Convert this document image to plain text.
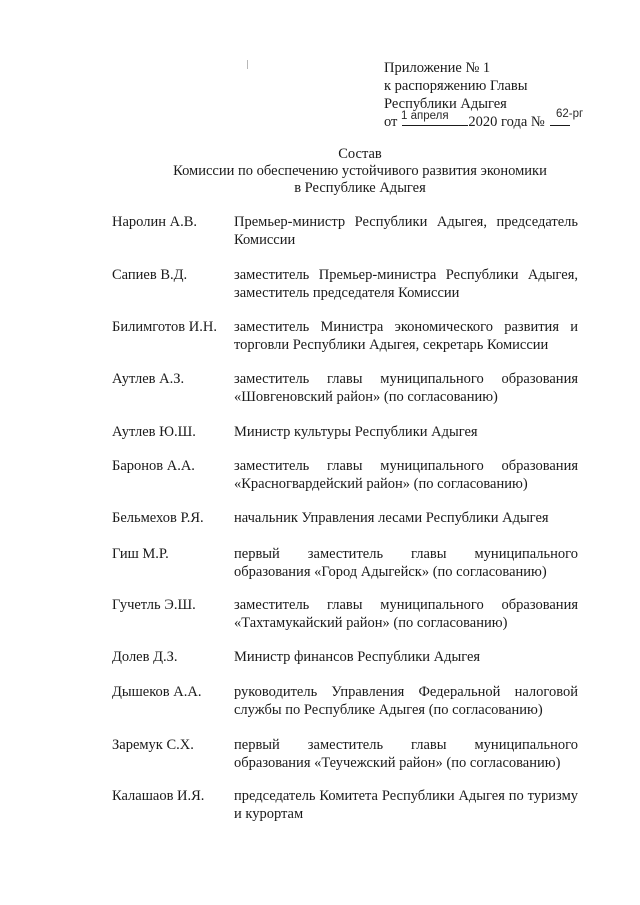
Приложение № 1
к распоряжению Главы
Республики Адыгея
от	2020 года №
1 апреля	62-рг
Состав
Комиссии по обеспечению устойчивого развития экономики
в Республике Адыгея
Наролин А.В.	Премьер-министр Республики Адыгея, председатель Комиссии
Сапиев В.Д.	заместитель Премьер-министра Республики Адыгея, заместитель председателя Комиссии
Билимготов И.Н. заместитель Министра экономического развития и торговли Республики Адыгея, секретарь Комиссии
Аутлев А.З.	заместитель главы муниципального образования «Шовгеновский район» (по согласованию)
Аутлев Ю.Ш.	Министр культуры Республики Адыгея
Баронов А.А.	заместитель главы муниципального образования «Красногвардейский район» (по согласованию)
Бельмехов Р.Я. начальник Управления лесами Республики Адыгея
Гиш М.Р.	первый заместитель главы муниципального образования «Город Адыгейск» (по согласованию)
Гучетль Э.Ш.	заместитель главы муниципального образования «Тахтамукайский район» (по согласованию)
Долев Д.З.	Министр финансов Республики Адыгея
Дышеков А.А. руководитель Управления Федеральной налоговой службы по Республике Адыгея (по согласованию)
Заремук С.Х.	первый заместитель главы муниципального образования «Теучежский район» (по согласованию)
Калашаов И.Я. председатель Комитета Республики Адыгея по туризму и курортам
